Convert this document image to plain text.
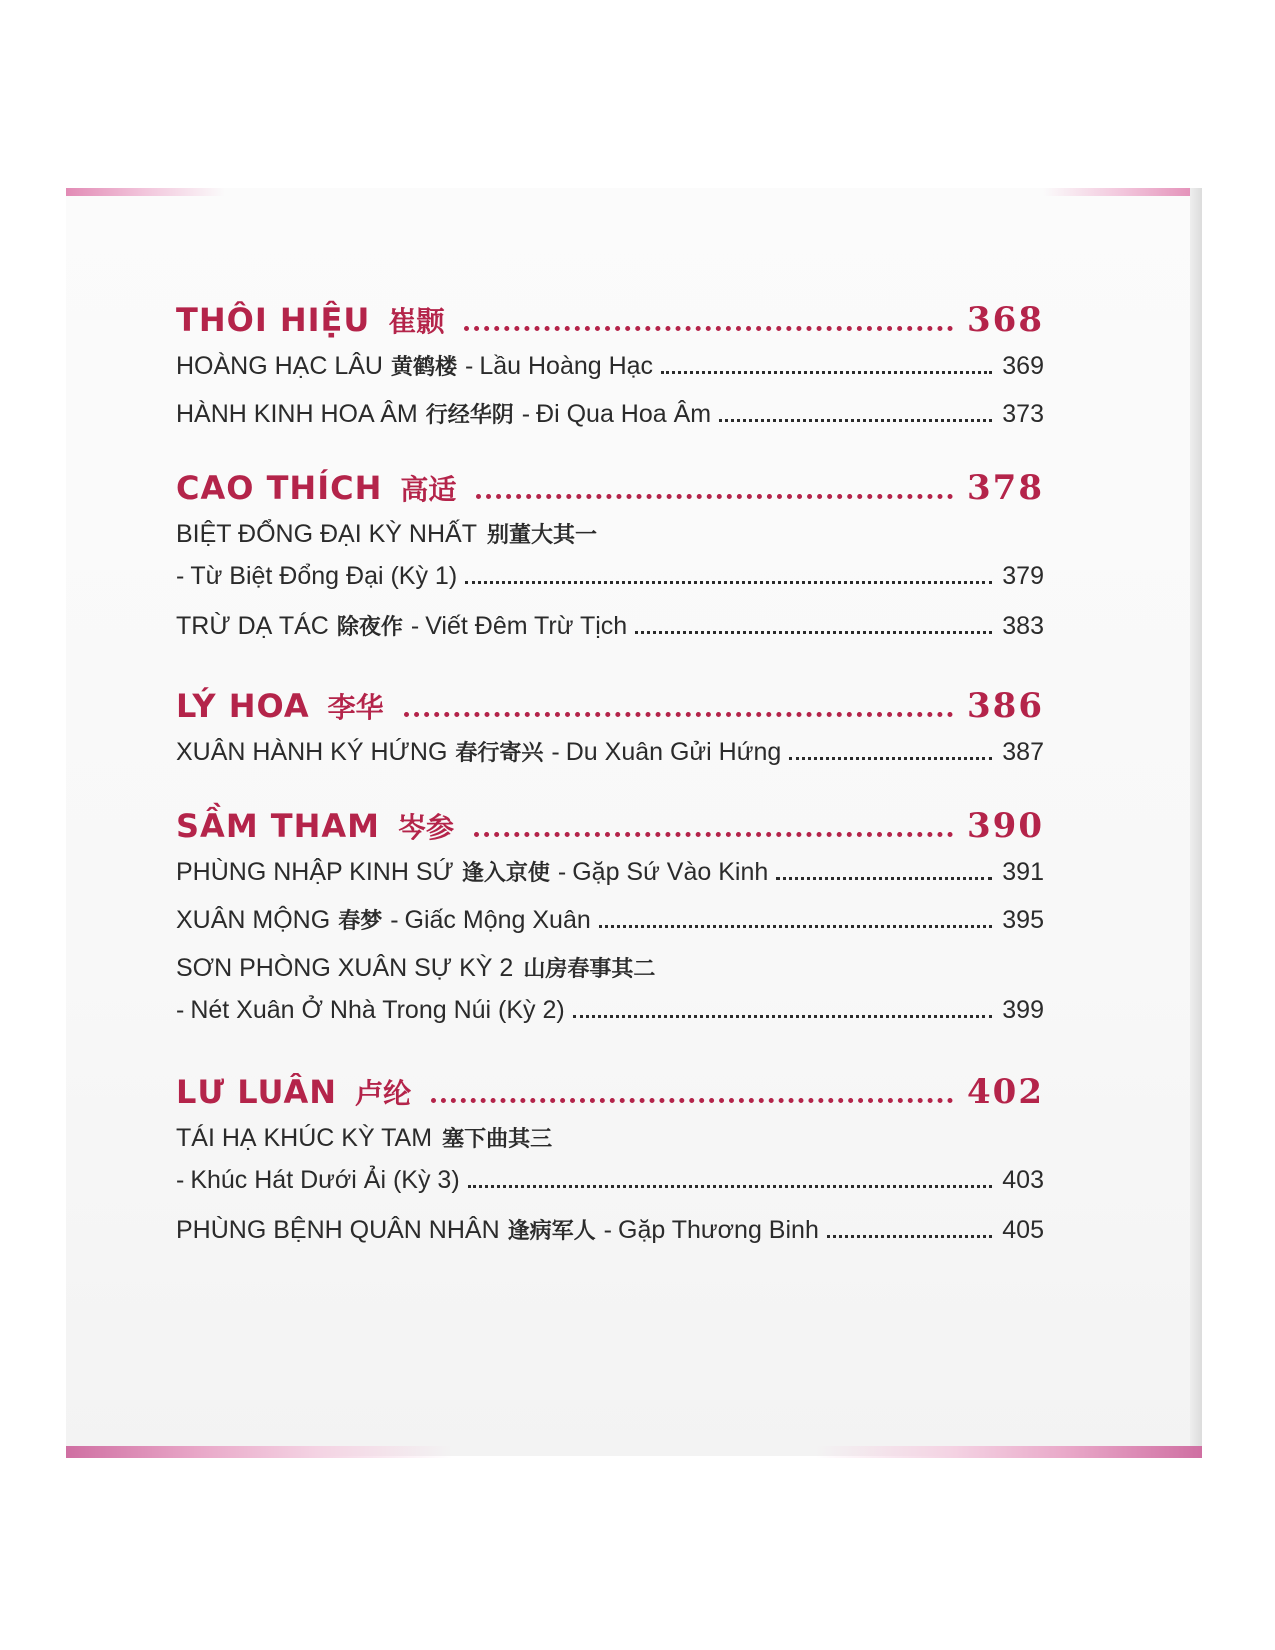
THÔI HIỆU 崔颢	368
HOÀNG HẠC LÂU 黄鹤楼 - Lầu Hoàng Hạc	369
HÀNH KINH HOA ÂM 行经华阴 - Đi Qua Hoa Âm	373
CAO THÍCH 高适	378
BIỆT ĐỔNG ĐẠI KỲ NHẤT 别董大其一
- Từ Biệt Đổng Đại (Kỳ 1)	379
TRỪ DẠ TÁC 除夜作 - Viết Đêm Trừ Tịch	383
LÝ HOA 李华	386
XUÂN HÀNH KÝ HỨNG 春行寄兴 - Du Xuân Gửi Hứng	387
SẦM THAM 岑参	390
PHÙNG NHẬP KINH SỨ 逢入京使 - Gặp Sứ Vào Kinh	391
XUÂN MỘNG 春梦 - Giấc Mộng Xuân	395
SƠN PHÒNG XUÂN SỰ KỲ 2 山房春事其二
- Nét Xuân Ở Nhà Trong Núi (Kỳ 2)	399
LƯ LUÂN 卢纶	402
TÁI HẠ KHÚC KỲ TAM 塞下曲其三
- Khúc Hát Dưới Ải (Kỳ 3)	403
PHÙNG BỆNH QUÂN NHÂN 逢病军人 - Gặp Thương Binh	405
